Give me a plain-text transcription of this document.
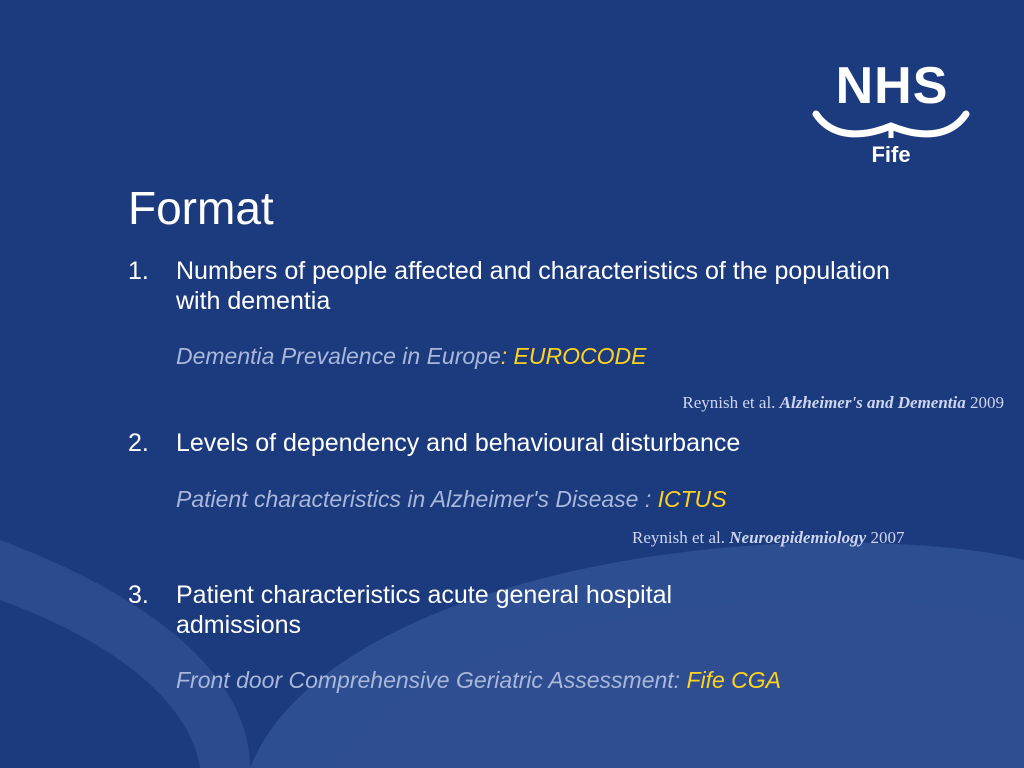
NHS
Fife
Format
1.	Numbers of people affected and characteristics of the population with dementia
Dementia Prevalence in Europe: EUROCODE
Reynish et al. Alzheimer's and Dementia 2009
2.	Levels of dependency and behavioural disturbance
Patient characteristics in Alzheimer's Disease : ICTUS
Reynish et al. Neuroepidemiology 2007
3.	Patient characteristics acute general hospital admissions
Front door Comprehensive Geriatric Assessment: Fife CGA
